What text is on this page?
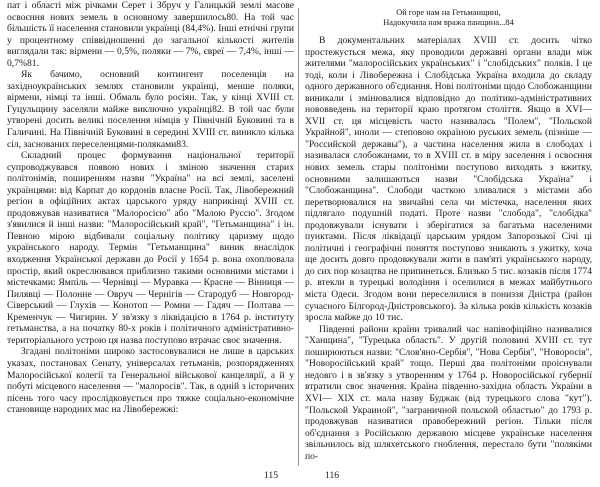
пат і області між річками Серет і Збруч у Галицькій землі масове освоєння нових земель в основному завершилось80. На той час більшість її населення становили українці (84,4%). Інші етнічні групи у процентному співвідношенні до загальної кількості жителів виглядали так: вірмени — 0,5%, поляки — 7%, євреї — 7,4%, інші — 0,7%81.

Як бачимо, основний контингент поселенців на західноукраїнських землях становили українці, менше поляки, вірмени, німці та інші. Обмаль було росіян. Так, у кінці XVIII ст. Гуцульщину заселяли майже виключно українці82. В той час були утворені досить великі поселення німців у Північній Буковині та в Галичині. На Північній Буковині в середині XVIII ст. виникло кілька сіл, заснованих переселенцями-поляками83.

Складний процес формування національної території супроводжувався появою нових і зміною значення старих політонімів, поширенням назви "Україна" на всі землі, заселені українцями: від Карпат до кордонів власне Росії. Так, Лівобережний регіон в офіційних актах царського уряду наприкінці XVIII ст. продовжував називатися "Малоросією" або "Малою Руссю". Згодом з'явилися й інші назви: "Малоросійський край", "Гетьманщина" і ін. Певною мірою відбивали соціальну політику царизму щодо українського народу. Термін "Гетьманщина" виник внаслідок входження Української держави до Росії у 1654 р. вона охоплювала простір, який окреслювався приблизно такими основними містами і містечками: Ямпіль — Чернівці — Муравка — Красне — Вінниця — Пилявці — Полонне — Овруч — Чернігів — Стародуб — Новгород-Сіверський — Глухів — Конотоп — Ромни — Гадяч — Полтава — Кременчук — Чигирин. У зв'язку з ліквідацією в 1764 р. інституту гетьманства, а на початку 80-х років і політичного адміністративно-територіального устрою ця назва поступово втрачає своє значення.

Згадані політоніми широко застосовувалися не лише в царських указах, постановах Сенату, універсалах гетьманів, розпорядженнях Малоросійської колегії та Генеральної військової канцелярії, а й у побуті місцевого населення — "малоросів". Так, в одній з історичних пісень того часу прослідковується про тяжке соціально-економічне становище народних мас на Лівобережжі:

115
Ой горе нам на Гетьманщині,
Надокучила нам вража панщина...84

В документальних матеріалах XVIII ст. досить чітко простежується межа, яку проводили державні органи влади між жителями "малоросійських українських" і "слобідських" полків. І це тоді, коли і Лівобережна і Слобідська Україна входила до складу одного державного об'єднання. Нові політоніми щодо Слобожанщини виникали і змінювалися відповідно до політико-адміністративних нововведень на території краю протягом століття. Якщо в XVI— XVII ст. ця місцевість часто називалась "Полем", "Польской Украйной", иноли — степовою окраїною руських земель (пізніше — "Российской державы"), а частина населення жила в слободах і називалася слобожанами, то в XVIII ст. в міру заселення і освоєння нових земель стары політоніми поступово виходять з вжитку, основними залишаються назви "Слобідська Україна" і "Слобожанщина". Слободи часткою зливалися з містами або перетворювалися на звичайні села чи містечка, населення яких підлягало подушній податі. Проте назви "слобода", "слобідка" продовжували існувати і зберігатися за багатьма населеними пунктами. Після ліквідації царським урядом Запорозької Січі ці політичні і географічні поняття поступово зникають з ужитку, хоча ще досить довго продовжували жити в пам'яті українського народу, до сих пор козацтва не припинеться. Близько 5 тис. козаків після 1774 р. втекли в турецькі володіння і оселилися в межах майбутнього міста Одеси. Згодом вони переселилися в пониззя Дністра (район сучасного Білгород-Дністровського). За кілька років кількість козаків зросла майже до 10 тис.

Південні райони країни тривалий час напівофіційно називалися "Ханщина", "Турецька область". У другій половині XVIII ст. тут поширюються назви: "Слов'яно-Сербія", "Нова Сербія", "Новоросія", "Новоросійський край" тощо. Перші два політоніми проіснували недовго і в зв'язку з утворенням у 1764 р. Новоросійської губернії втратили своє значення. Країна південно-західна область України в XVI— XIX ст. мала назву Буджак (від турецького слова "кут"). "Польской Украиной", "заграничной польской областью" до 1793 р. продовжував називатися правобережний регіон. Тільки після об'єднання з Російською державою місцеве українське населення звільнилось від шляхетського гноблення, перестало бути "полякіми по-

116
